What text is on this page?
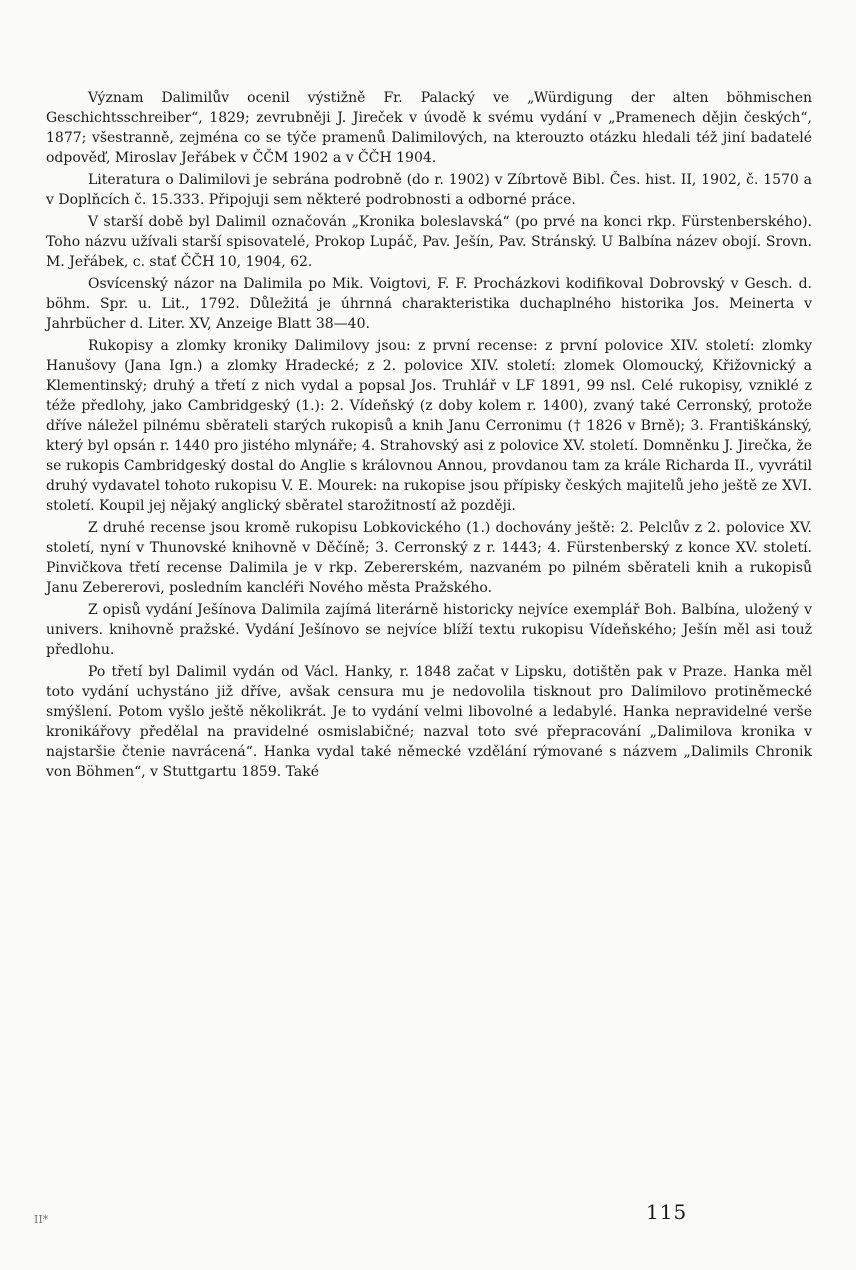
Význam Dalimilův ocenil výstižně Fr. Palacký ve „Würdigung der alten böhmischen Geschichtsschreiber“, 1829; zevrubněji J. Jireček v úvodě k svému vydání v „Pramenech dějin českých“, 1877; všestranně, zejména co se týče pramenů Dalimilových, na kterouzto otázku hledali též jiní badatelé odpověď, Miroslav Jeřábek v ČČM 1902 a v ČČH 1904.

Literatura o Dalimilovi je sebrána podrobně (do r. 1902) v Zíbrtově Bibl. Čes. hist. II, 1902, č. 1570 a v Doplňcích č. 15.333. Připojuji sem některé podrobnosti a odborné práce.

V starší době byl Dalimil označován „Kronika boleslavská“ (po prvé na konci rkp. Fürstenberského). Toho názvu užívali starší spisovatelé, Prokop Lupáč, Pav. Ješín, Pav. Stránský. U Balbína název obojí. Srovn. M. Jeřábek, c. stať ČČH 10, 1904, 62.

Osvícenský názor na Dalimila po Mik. Voigtovi, F. F. Procházkovi kodifikoval Dobrovský v Gesch. d. böhm. Spr. u. Lit., 1792. Důležitá je úhrnná charakteristika duchaplného historika Jos. Meinerta v Jahrbücher d. Liter. XV, Anzeige Blatt 38—40.

Rukopisy a zlomky kroniky Dalimilovy jsou: z první recense: z první polovice XIV. století: zlomky Hanušovy (Jana Ign.) a zlomky Hradecké; z 2. polovice XIV. století: zlomek Olomoucký, Křižovnický a Klementinský; druhý a třetí z nich vydal a popsal Jos. Truhlář v LF 1891, 99 nsl. Celé rukopisy, vzniklé z téže předlohy, jako Cambridgeský (1.): 2. Vídeňský (z doby kolem r. 1400), zvaný také Cerronský, protože dříve náležel pilnému sběrateli starých rukopisů a knih Janu Cerronimu († 1826 v Brně); 3. Františkánský, který byl opsán r. 1440 pro jistého mlynáře; 4. Strahovský asi z polovice XV. století. Domněnku J. Jirečka, že se rukopis Cambridgeský dostal do Anglie s královnou Annou, provdanou tam za krále Richarda II., vyvrátil druhý vydavatel tohoto rukopisu V. E. Mourek: na rukopise jsou přípisky českých majitelů jeho ještě ze XVI. století. Koupil jej nějaký anglický sběratel starožitností až později.

Z druhé recense jsou kromě rukopisu Lobkovického (1.) dochovány ještě: 2. Pelclův z 2. polovice XV. století, nyní v Thunovské knihovně v Děčíně; 3. Cerronský z r. 1443; 4. Fürstenberský z konce XV. století. Pinvičkova třetí recense Dalimila je v rkp. Zebererském, nazvaném po pilném sběrateli knih a rukopisů Janu Zebererovi, posledním kancléři Nového města Pražského.

Z opisů vydání Ješínova Dalimila zajímá literárně historicky nejvíce exemplář Boh. Balbína, uložený v univers. knihovně pražské. Vydání Ješínovo se nejvíce blíží textu rukopisu Vídeňského; Ješín měl asi touž předlohu.

Po třetí byl Dalimil vydán od Václ. Hanky, r. 1848 začat v Lipsku, dotištěn pak v Praze. Hanka měl toto vydání uchystáno již dříve, avšak censura mu je nedovolila tisknout pro Dalimilovo protiněmecké smýšlení. Potom vyšlo ještě několikrát. Je to vydání velmi libovolné a ledabylé. Hanka nepravidelné verše kronikářovy předělal na pravidelné osmislabičné; nazval toto své přepracování „Dalimilova kronika v najstaršie čtenie navrácená“. Hanka vydal také německé vzdělání rýmované s názvem „Dalimils Chronik von Böhmen“, v Stuttgartu 1859. Také

II*	115
